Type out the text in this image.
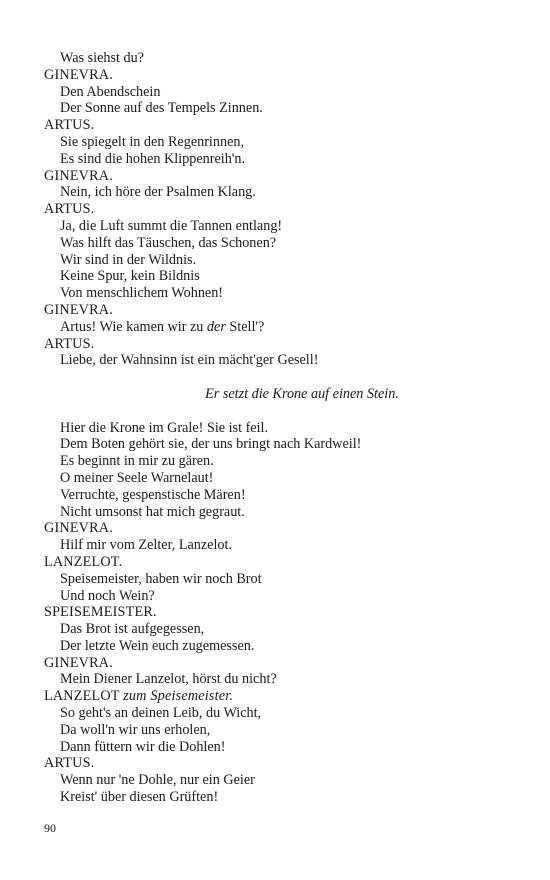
Was siehst du?
GINEVRA.
Den Abendschein
Der Sonne auf des Tempels Zinnen.
ARTUS.
Sie spiegelt in den Regenrinnen,
Es sind die hohen Klippenreih'n.
GINEVRA.
Nein, ich höre der Psalmen Klang.
ARTUS.
Ja, die Luft summt die Tannen entlang!
Was hilft das Täuschen, das Schonen?
Wir sind in der Wildnis.
Keine Spur, kein Bildnis
Von menschlichem Wohnen!
GINEVRA.
Artus! Wie kamen wir zu der Stell'?
ARTUS.
Liebe, der Wahnsinn ist ein mächt'ger Gesell!
Er setzt die Krone auf einen Stein.
Hier die Krone im Grale! Sie ist feil.
Dem Boten gehört sie, der uns bringt nach Kardweil!
Es beginnt in mir zu gären.
O meiner Seele Warnelaut!
Verruchte, gespenstische Mären!
Nicht umsonst hat mich gegraut.
GINEVRA.
Hilf mir vom Zelter, Lanzelot.
LANZELOT.
Speisemeister, haben wir noch Brot
Und noch Wein?
SPEISEMEISTER.
Das Brot ist aufgegessen,
Der letzte Wein euch zugemessen.
GINEVRA.
Mein Diener Lanzelot, hörst du nicht?
LANZELOT zum Speisemeister.
So geht's an deinen Leib, du Wicht,
Da woll'n wir uns erholen,
Dann füttern wir die Dohlen!
ARTUS.
Wenn nur 'ne Dohle, nur ein Geier
Kreist' über diesen Grüften!
90
